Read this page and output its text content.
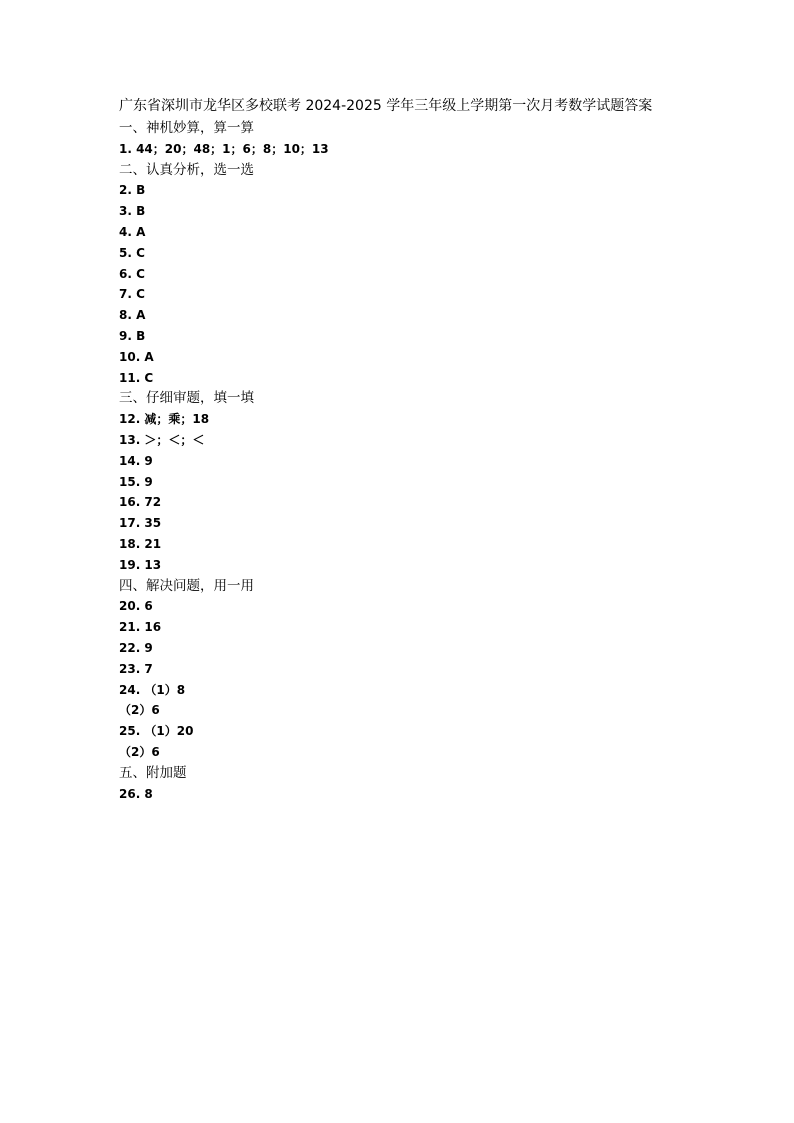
广东省深圳市龙华区多校联考 2024-2025 学年三年级上学期第一次月考数学试题答案
一、神机妙算，算一算
1. 44；20；48；1；6；8；10；13
二、认真分析，选一选
2. B
3. B
4. A
5. C
6. C
7. C
8. A
9. B
10. A
11. C
三、仔细审题，填一填
12. 减；乘；18
13. ＞；＜；＜
14. 9
15. 9
16. 72
17. 35
18. 21
19. 13
四、解决问题，用一用
20. 6
21. 16
22. 9
23. 7
24. （1）8
（2）6
25. （1）20
（2）6
五、附加题
26. 8
